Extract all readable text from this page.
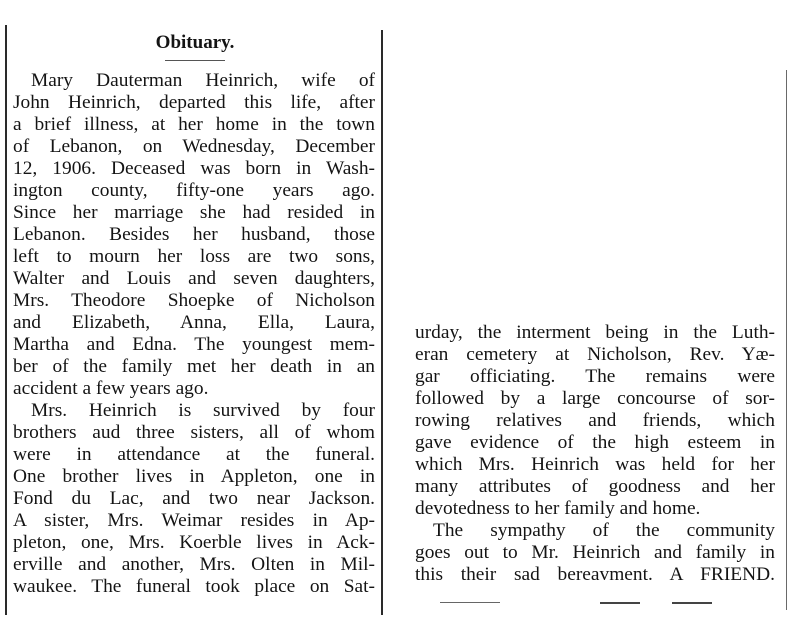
Obituary.
Mary Dauterman Heinrich, wife of
John Heinrich, departed this life, after
a brief illness, at her home in the town
of Lebanon, on Wednesday, December
12, 1906. Deceased was born in Wash-
ington county, fifty-one years ago.
Since her marriage she had resided in
Lebanon. Besides her husband, those
left to mourn her loss are two sons,
Walter and Louis and seven daughters,
Mrs. Theodore Shoepke of Nicholson
and Elizabeth, Anna, Ella, Laura,
Martha and Edna. The youngest mem-
ber of the family met her death in an
accident a few years ago.
Mrs. Heinrich is survived by four
brothers aud three sisters, all of whom
were in attendance at the funeral.
One brother lives in Appleton, one in
Fond du Lac, and two near Jackson.
A sister, Mrs. Weimar resides in Ap-
pleton, one, Mrs. Koerble lives in Ack-
erville and another, Mrs. Olten in Mil-
waukee. The funeral took place on Sat-
urday, the interment being in the Luth-
eran cemetery at Nicholson, Rev. Yæ-
gar officiating. The remains were
followed by a large concourse of sor-
rowing relatives and friends, which
gave evidence of the high esteem in
which Mrs. Heinrich was held for her
many attributes of goodness and her
devotedness to her family and home.
The sympathy of the community
goes out to Mr. Heinrich and family in
this their sad bereavment. A FRIEND.
